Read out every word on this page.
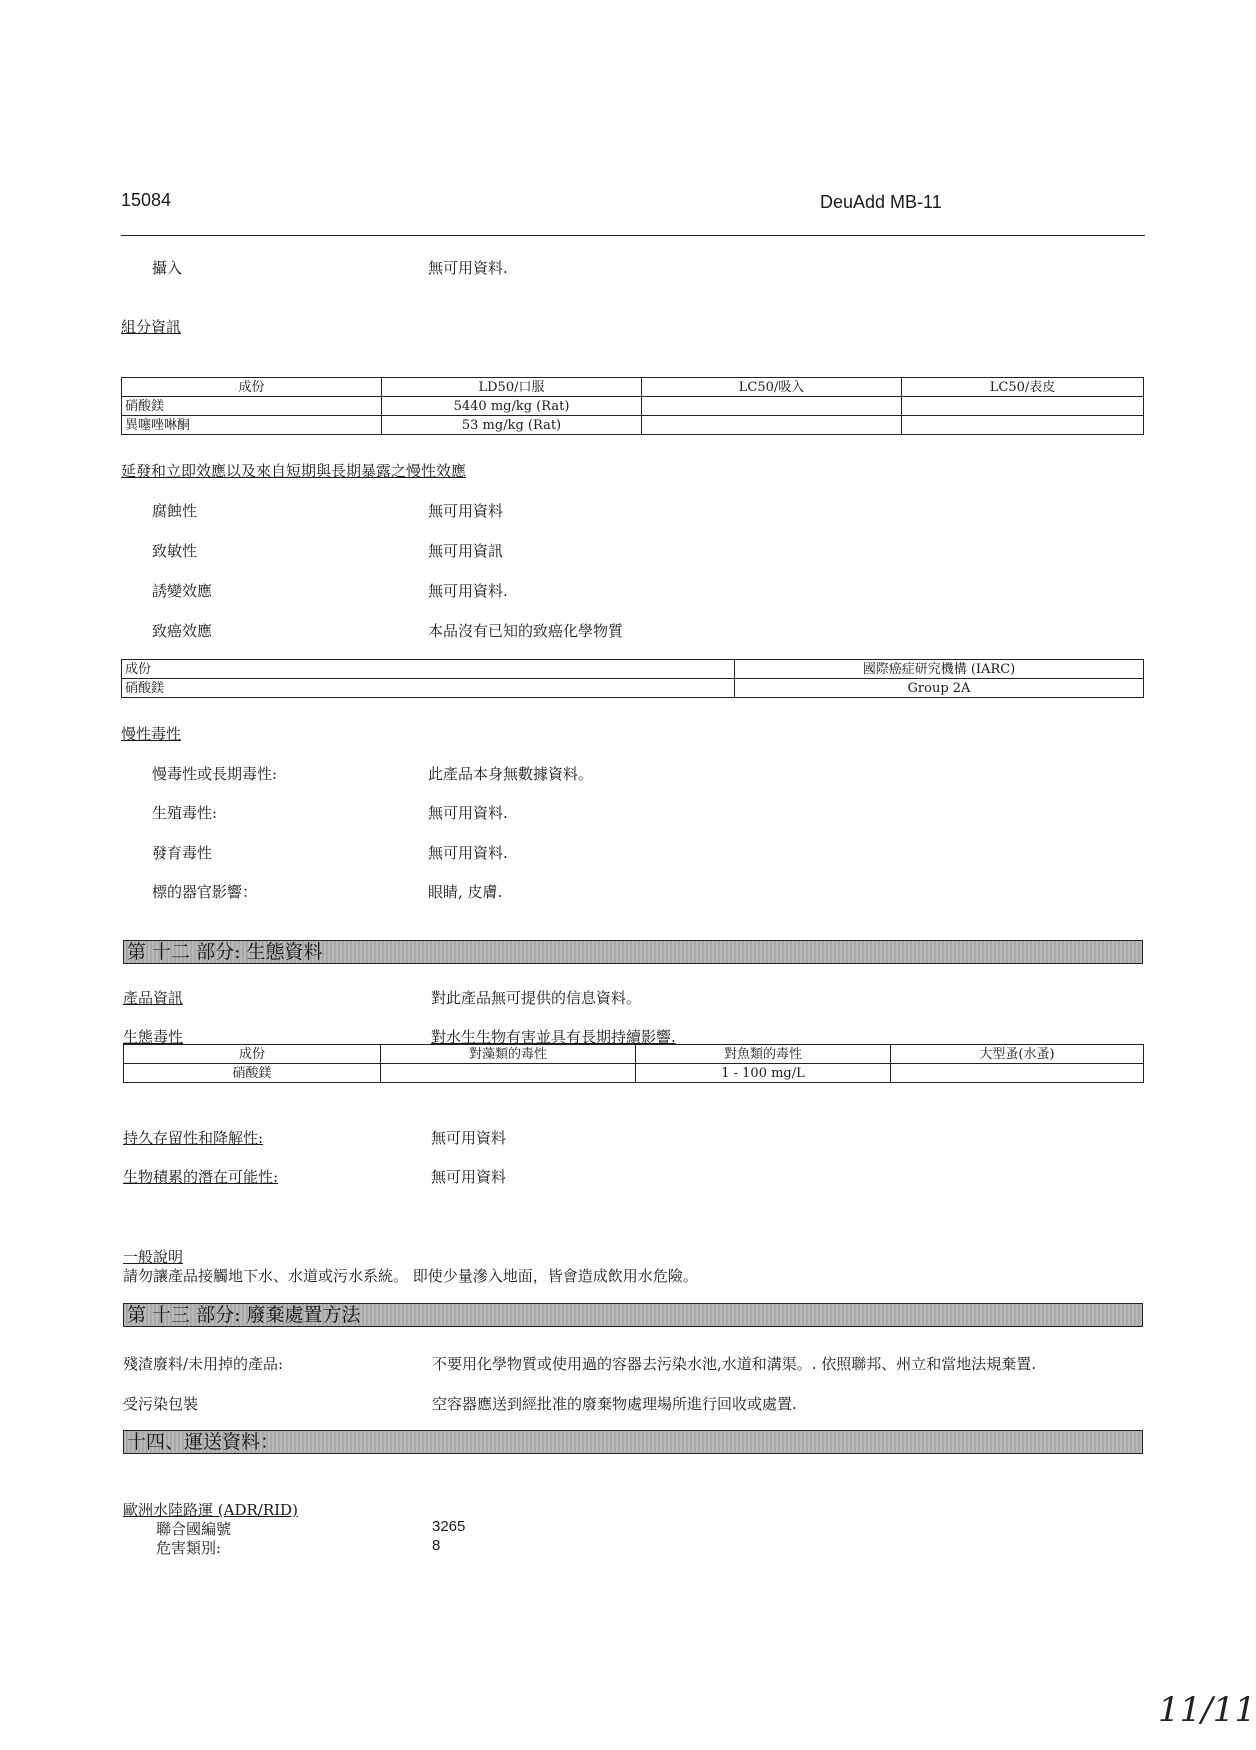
15084	DeuAdd MB-11
攝入	無可用資料.
組分資訊
成份	LD50/口服	LC50/吸入	LC50/表皮
硝酸鎂	5440 mg/kg (Rat)		
異噻唑啉酮	53 mg/kg (Rat)		
延發和立即效應以及來自短期與長期暴露之慢性效應
腐蝕性	無可用資料
致敏性	無可用資訊
誘變效應	無可用資料.
致癌效應	本品沒有已知的致癌化學物質
成份	國際癌症研究機構 (IARC)
硝酸鎂	Group 2A
慢性毒性
慢毒性或長期毒性:	此產品本身無數據資料。
生殖毒性:	無可用資料.
發育毒性	無可用資料.
標的器官影響：	眼睛, 皮膚.
第 十二 部分: 生態資料
產品資訊	對此產品無可提供的信息資料。
生態毒性	對水生生物有害並具有長期持續影響.
成份	對藻類的毒性	對魚類的毒性	大型蚤(水蚤)
硝酸鎂		1 - 100 mg/L	
持久存留性和降解性:	無可用資料
生物積累的潛在可能性:	無可用資料
一般說明
請勿讓產品接觸地下水、水道或污水系統。 即使少量滲入地面，皆會造成飲用水危險。
第 十三 部分: 廢棄處置方法
殘渣廢料/未用掉的產品:	不要用化學物質或使用過的容器去污染水池,水道和溝渠。. 依照聯邦、州立和當地法規棄置.
受污染包裝	空容器應送到經批准的廢棄物處理場所進行回收或處置.
十四、運送資料：
歐洲水陸路運 (ADR/RID)
聯合國編號	3265
危害類別:	8
11/11
